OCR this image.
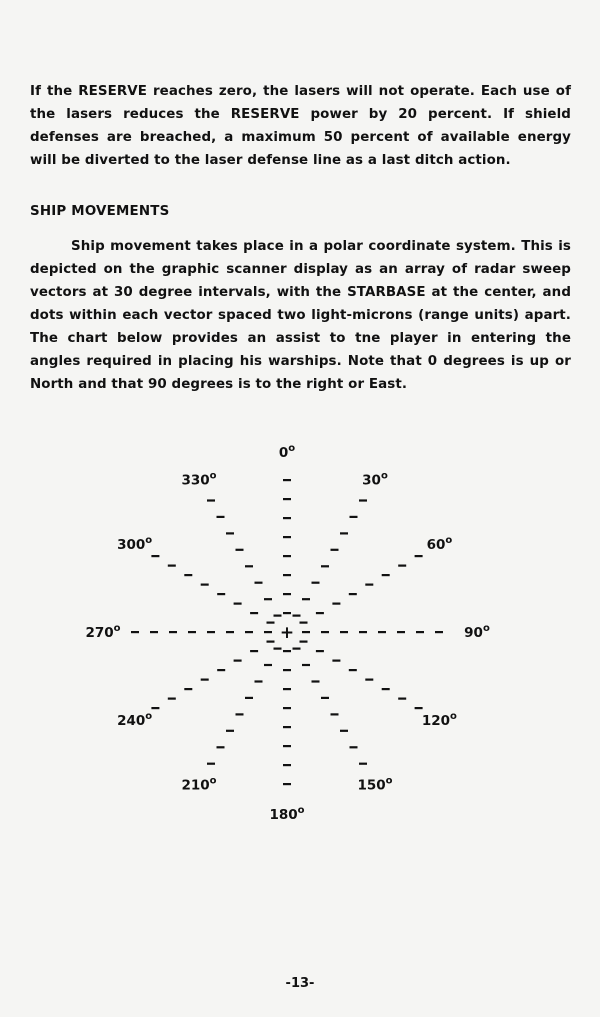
If the RESERVE reaches zero, the lasers will not operate. Each use of the lasers reduces the RESERVE power by 20 percent. If shield defenses are breached, a maximum 50 percent of available energy will be diverted to the laser defense line as a last ditch action.

SHIP MOVEMENTS

Ship movement takes place in a polar coordinate system. This is depicted on the graphic scanner display as an array of radar sweep vectors at 30 degree intervals, with the STARBASE at the center, and dots within each vector spaced two light-microns (range units) apart. The chart below provides an assist to tne player in entering the angles required in placing his warships. Note that 0 degrees is up or North and that 90 degrees is to the right or East.

+
$0^o$
30$^o$
60$^o$
90$^o$
120$^o$
150$^o$
180$^o$
210$^o$
240$^o$
270$^o$
300$^o$
330$^o$
-13-
